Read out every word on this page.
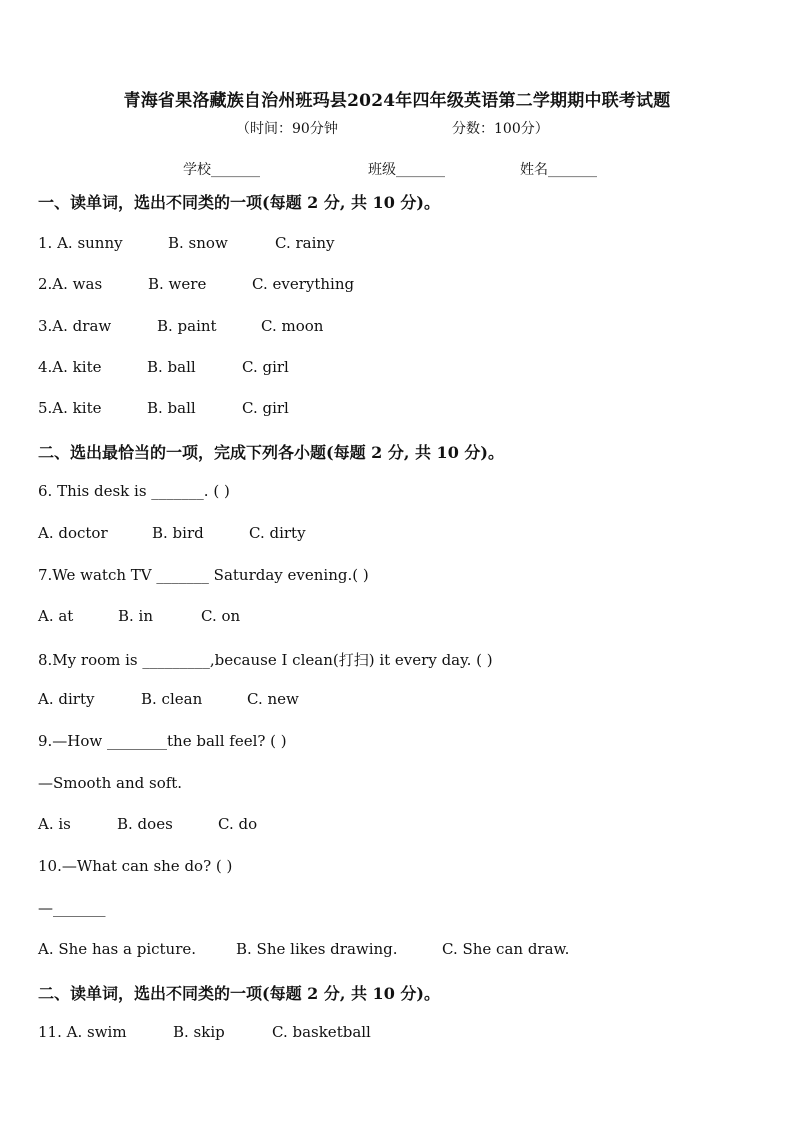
青海省果洛藏族自治州班玛县2024年四年级英语第二学期期中联考试题
（时间：90分钟	分数：100分）
学校_______	班级_______	姓名_______
一、读单词，选出不同类的一项(每题 2 分, 共 10 分)。
1. A. sunny	B. snow	C. rainy
2.A. was	B. were	C. everything
3.A. draw	B. paint	C. moon
4.A. kite	B. ball	C. girl
5.A. kite	B. ball	C. girl
二、选出最恰当的一项，完成下列各小题(每题 2 分, 共 10 分)。
6. This desk is _______. ( )
A. doctor	B. bird	C. dirty
7.We watch TV _______ Saturday evening.( )
A. at	B. in	C. on
8.My room is _________,because I clean(打扫) it every day. ( )
A. dirty	B. clean	C. new
9.—How ________the ball feel? ( )
—Smooth and soft.
A. is	B. does	C. do
10.—What can she do? ( )
—_______
A. She has a picture.	B. She likes drawing.	C. She can draw.
二、读单词，选出不同类的一项(每题 2 分, 共 10 分)。
11. A. swim	B. skip	C. basketball
